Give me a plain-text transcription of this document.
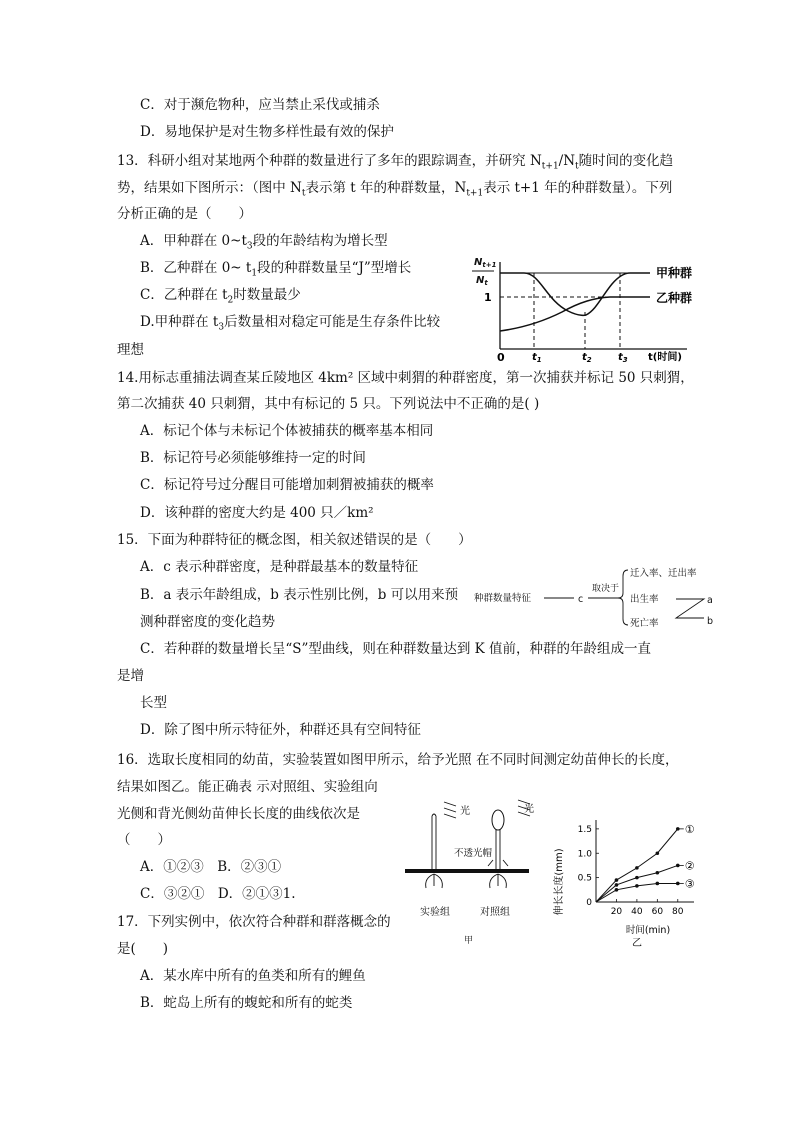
C．对于濒危物种，应当禁止采伐或捕杀
D．易地保护是对生物多样性最有效的保护
13．科研小组对某地两个种群的数量进行了多年的跟踪调查，并研究 $N_{t+1}/N_t$随时间的变化趋
势，结果如下图所示：（图中 $N_t$表示第 t 年的种群数量，$N_{t+1}$表示 t+1 年的种群数量）。下列
分析正确的是（　　）
A．甲种群在 $0\sim t_3$段的年龄结构为增长型
B．乙种群在 0~ $t_1$段的种群数量呈“J”型增长
C．乙种群在 $t_2$时数量最少
D.甲种群在 $t_3$后数量相对稳定可能是生存条件比较
理想
$N_{t+1}$
$N_t$
1
0
甲种群
乙种群
$t_1$	$t_2$	$t_3$ t(时间)
14.用标志重捕法调查某丘陵地区 4km² 区域中刺猬的种群密度，第一次捕获并标记 50 只刺猬，
第二次捕获 40 只刺猬，其中有标记的 5 只。下列说法中不正确的是( )
A．标记个体与未标记个体被捕获的概率基本相同
B．标记符号必须能够维持一定的时间
C．标记符号过分醒目可能增加刺猬被捕获的概率
D．该种群的密度大约是 400 只／km²
15．下面为种群特征的概念图，相关叙述错误的是（　　）
A．c 表示种群密度，是种群最基本的数量特征
B．a 表示年龄组成，b 表示性别比例，b 可以用来预
测种群密度的变化趋势
C．若种群的数量增长呈“S”型曲线，则在种群数量达到 K 值前，种群的年龄组成一直
是增
长型
D．除了图中所示特征外，种群还具有空间特征
种群数量特征	c
取决于
迁入率、迁出率
出生率
死亡率
a
b
16．选取长度相同的幼苗，实验装置如图甲所示，给予光照 在不同时间测定幼苗伸长的长度，
结果如图乙。能正确表 示对照组、实验组向
光侧和背光侧幼苗伸长长度的曲线依次是
（　　）
A．①②③　B．②③①
C．③②①　D．②①③1.
光	光
不透光帽
实验组	对照组
甲
伸长长度(mm)
时间(min)
乙
0
0.5
1.0
1.5
20 40 60 80
①
②
③
17．下列实例中，依次符合种群和群落概念的
是(　　)
A．某水库中所有的鱼类和所有的鲤鱼
B．蛇岛上所有的蝮蛇和所有的蛇类
